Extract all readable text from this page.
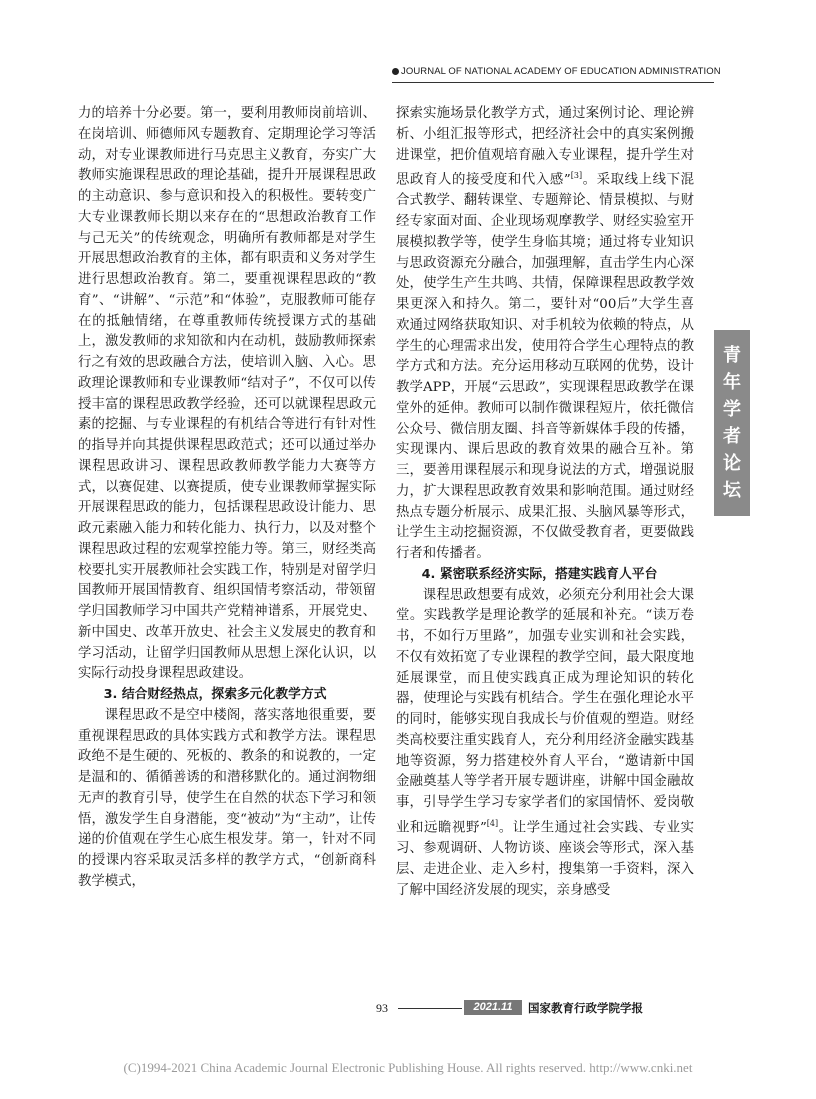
JOURNAL OF NATIONAL ACADEMY OF EDUCATION ADMINISTRATION

力的培养十分必要。第一，要利用教师岗前培训、在岗培训、师德师风专题教育、定期理论学习等活动，对专业课教师进行马克思主义教育，夯实广大教师实施课程思政的理论基础，提升开展课程思政的主动意识、参与意识和投入的积极性。要转变广大专业课教师长期以来存在的“思想政治教育工作与己无关”的传统观念，明确所有教师都是对学生开展思想政治教育的主体，都有职责和义务对学生进行思想政治教育。第二，要重视课程思政的“教育”、“讲解”、“示范”和“体验”，克服教师可能存在的抵触情绪，在尊重教师传统授课方式的基础上，激发教师的求知欲和内在动机，鼓励教师探索行之有效的思政融合方法，使培训入脑、入心。思政理论课教师和专业课教师“结对子”，不仅可以传授丰富的课程思政教学经验，还可以就课程思政元素的挖掘、与专业课程的有机结合等进行有针对性的指导并向其提供课程思政范式；还可以通过举办课程思政讲习、课程思政教师教学能力大赛等方式，以赛促建、以赛提质，使专业课教师掌握实际开展课程思政的能力，包括课程思政设计能力、思政元素融入能力和转化能力、执行力，以及对整个课程思政过程的宏观掌控能力等。第三，财经类高校要扎实开展教师社会实践工作，特别是对留学归国教师开展国情教育、组织国情考察活动，带领留学归国教师学习中国共产党精神谱系，开展党史、新中国史、改革开放史、社会主义发展史的教育和学习活动，让留学归国教师从思想上深化认识，以实际行动投身课程思政建设。

3. 结合财经热点，探索多元化教学方式

课程思政不是空中楼阁，落实落地很重要，要重视课程思政的具体实践方式和教学方法。课程思政绝不是生硬的、死板的、教条的和说教的，一定是温和的、循循善诱的和潜移默化的。通过润物细无声的教育引导，使学生在自然的状态下学习和领悟，激发学生自身潜能，变“被动”为“主动”，让传递的价值观在学生心底生根发芽。第一，针对不同的授课内容采取灵活多样的教学方式，“创新商科教学模式，

探索实施场景化教学方式，通过案例讨论、理论辨析、小组汇报等形式，把经济社会中的真实案例搬进课堂，把价值观培育融入专业课程，提升学生对思政育人的接受度和代入感”[3]。采取线上线下混合式教学、翻转课堂、专题辩论、情景模拟、与财经专家面对面、企业现场观摩教学、财经实验室开展模拟教学等，使学生身临其境；通过将专业知识与思政资源充分融合，加强理解，直击学生内心深处，使学生产生共鸣、共情，保障课程思政教学效果更深入和持久。第二，要针对“00后”大学生喜欢通过网络获取知识、对手机较为依赖的特点，从学生的心理需求出发，使用符合学生心理特点的教学方式和方法。充分运用移动互联网的优势，设计教学APP，开展“云思政”，实现课程思政教学在课堂外的延伸。教师可以制作微课程短片，依托微信公众号、微信朋友圈、抖音等新媒体手段的传播，实现课内、课后思政的教育效果的融合互补。第三，要善用课程展示和现身说法的方式，增强说服力，扩大课程思政教育效果和影响范围。通过财经热点专题分析展示、成果汇报、头脑风暴等形式，让学生主动挖掘资源，不仅做受教育者，更要做践行者和传播者。

4. 紧密联系经济实际，搭建实践育人平台

课程思政想要有成效，必须充分利用社会大课堂。实践教学是理论教学的延展和补充。“读万卷书，不如行万里路”，加强专业实训和社会实践，不仅有效拓宽了专业课程的教学空间，最大限度地延展课堂，而且使实践真正成为理论知识的转化器，使理论与实践有机结合。学生在强化理论水平的同时，能够实现自我成长与价值观的塑造。财经类高校要注重实践育人，充分利用经济金融实践基地等资源，努力搭建校外育人平台，“邀请新中国金融奠基人等学者开展专题讲座，讲解中国金融故事，引导学生学习专家学者们的家国情怀、爱岗敬业和远瞻视野”[4]。让学生通过社会实践、专业实习、参观调研、人物访谈、座谈会等形式，深入基层、走进企业、走入乡村，搜集第一手资料，深入了解中国经济发展的现实，亲身感受

青
年
学
者
论
坛
93	2021.11	国家教育行政学院学报
(C)1994-2021 China Academic Journal Electronic Publishing House. All rights reserved. http://www.cnki.net
